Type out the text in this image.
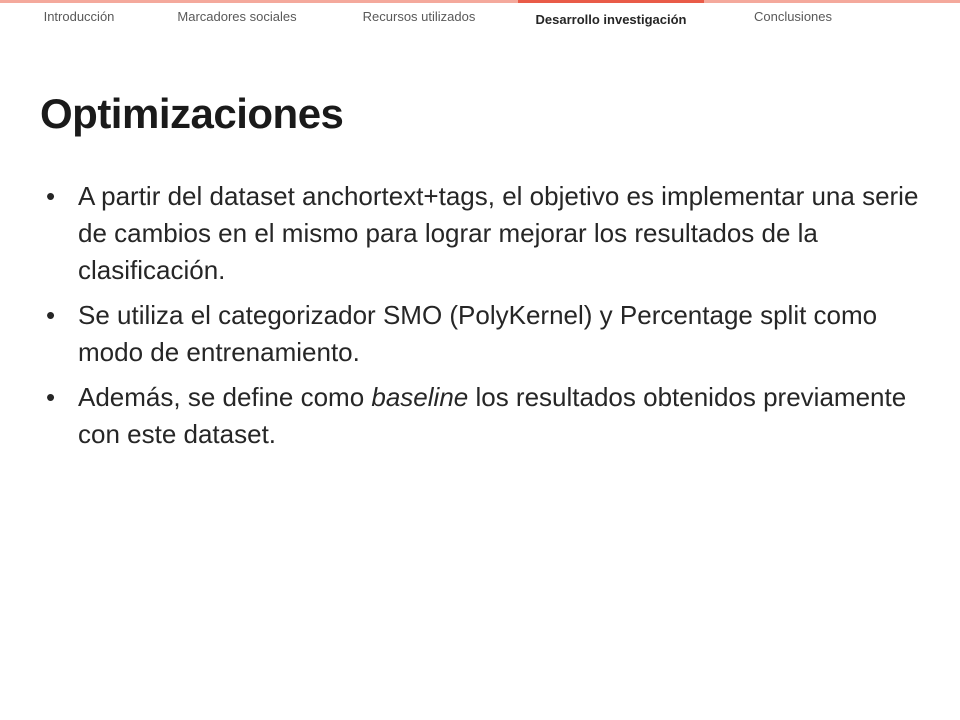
Introducción	Marcadores sociales	Recursos utilizados	Desarrollo investigación	Conclusiones
Optimizaciones
• A partir del dataset anchortext+tags, el objetivo es implementar una serie de cambios en el mismo para lograr mejorar los resultados de la clasificación.
• Se utiliza el categorizador SMO (PolyKernel) y Percentage split como modo de entrenamiento.
• Además, se define como baseline los resultados obtenidos previamente con este dataset.
